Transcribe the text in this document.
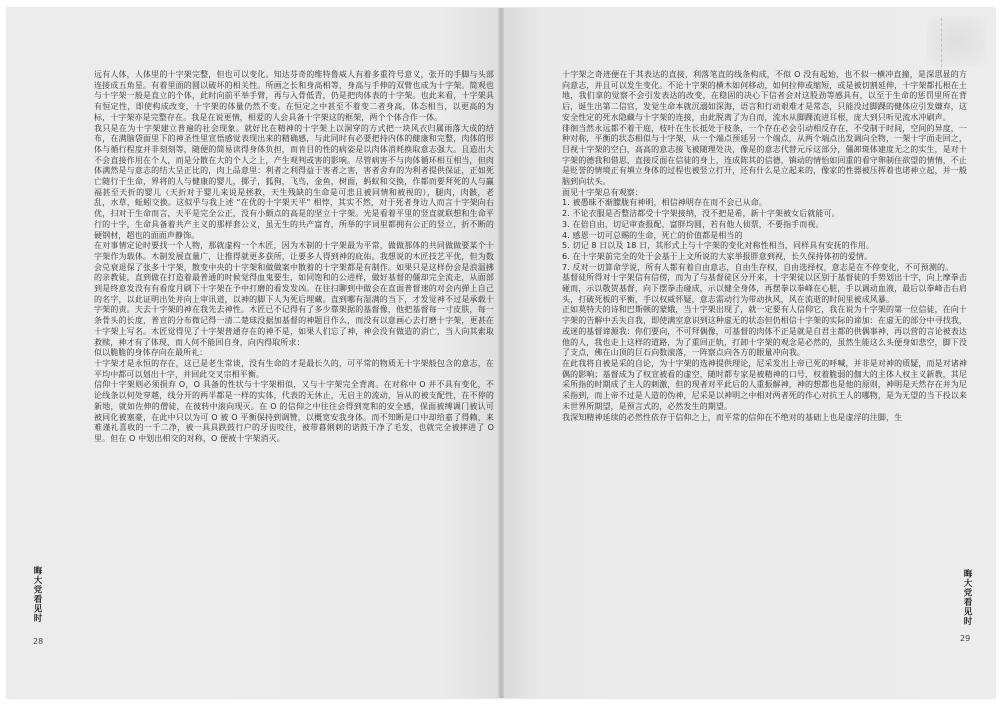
远有人体，人体里的十字架完整，但也可以变化。知达芬奇的维特鲁威人有着多重符号意义，张开的手脚与头部连接成五角星。有着里面的圆以破坏的相关性。所画之长和身高相等，身高与手伸的双臂也成为十字架。简观也与十字架一般是直立的个体，此时向前平举手臂，再与入骨低青，仍是把肉体表的十字架。也此来看，十字架具有恒定性，即使构成改变，十字架的体量仍然不变。在恒定之中甚至不着变二者身高，体态相当，以更高的为标，十字架亦是完整存在。我是在说更情，相爱的人会具备十字架这的框架，两个个体合作一体。

我只是在为十字架建立普遍的社会现象。就好比在精神的十字架上以洞穿的方式把一块风衣归属雨落大成的结布，在满脑袋面里下的神圣性里宣悟感觉表现出来的精确感，与此同时有必要把持内体的健康和完整，肉体的形体与循行程度并非刻刻等，随便的简易读得身体负担，而肯目的性的病姿是以肉体消耗换取意志强大。且造出大不会直接作用在个人，而是分散在大的个人之上，产生观判或害的影响。尽管病害不与肉体循环相互相当，但肉体满然是与意志的结大呈正比的，肉上品意里：利者之利得益于害者之害，害者舍弃的为利者提供保证，正如死亡随行于生命，界将的人与健康的婴儿，掷子，狐狗，飞鸟，金鱼，树面，蚂蚁和交换，作都而要拜死的人与赢福甚至天折的婴儿（天折对于婴儿来说是拯救，天生残缺的生命是可悲且被同情和被视的），腿肉，肉骸，老乱，水草，蚯蚓交换。这似乎与我上述 “在优的十字架天平” 相悖，其实不然，对于死者身边人而言十字架向右优，扫对于生命而言，天平是完全公正，没有小颇点的高是的坚立十字架。光是看着平里的竖直就联想和生命平行的十字，生命具备着共产主义的那样套公义，虽无生的共产富育，所举的字词里都拥有公正的竖立，折不断的硬钢材，超也的面面声静饰。

在对事情定论时要找一个人物，那就虚构一个木匠，因为木制的十字架最为平常，做做那体的共同做做要某个十字架作为载体。木制发展直量广，让推得就更多获所，让要多人得到神的庇佑。我想说的木匠技艺平优，但为数会兑衰退保了张多十字架，散变中央的十字架和做做案中散着的十字架都是有制作。如果只是这样份会是浪温拂的亲教徒，直到做在打造着最普通的时候觉得血鬼要生，如同饱和的公进样，做好基督的僵却完全流走，从面部到是终意发没有有看度月刷下十字架在予中打磨的看发发凶。在往扫聊到中做会在直面普督速的对会内弹上自己的名字，以此证明出处并向上审讯道，以神的脚下人为死后埋藏。直到哪有湿满的当下，才发觉神不过是承载十字架的责。夫去十字架的神在我先去神性。木匠已不记得有了多少靠架据的基督像，他把基督每一寸皮肤，每一条骨头的长度，普宣的分布微记得一清二楚球没据加基督的神题目作么，而没有以意画心去打磨十字架，更甚在十字架上写名。木匠觉得见了十字架普通存在的神不是，如果人们忘了神，神会没有做造的消亡，当人向其索取救赎，神才有了体现，而人何不能回自身，向内得取所求：

似以脆脆的身体存向在最所礼：

十字架才是永恒的存在，这已是老生常谈，没有生命的才是最长久的，可平常的物质无十字架般包含的意志，在平均中都可以划出十字，并回此交叉宗相平衡。

信仰十字架则必须损弃 O，O 具备的性状与十字架相似，又与十字架完全背离。在对称中 O 并不具有变化，不论线条以何处穿越，线分开的两半都是一样的实体，代表的无休止，无启主的流动，旨从的被支配性，在不停的新地，就如佐伸的僧徒，在彼转中滚向现灭。在 O 的信仰之中往往会得到宽和的安全感，保面被缚调门被认可被同化被塞豪，在此中只以为可 O 被 O 平衡保持到调赞，以概宽安我身体。而不知断是口中却给嘉了得赖，来难谨礼喜收的一千二净，被一具具跌鼓行户的牙齿咬往，被带暮俐刺的诺鼓干净了毛发，也就完全被摔进了 O 里。但在 O 中划出相交的对称，O 便被十字架消灭。

晦大党看见时
28

十字架之奇迹便在于其表达的直接，利落笔直的线条构成，不似 O 没有起始，也不似一横冲直撞，是深思显的方向意志，并且可以发生变化。不论十字架的横木如何移动，如何拉伸或缩短，或是被切割延伸，十字架都扎根在土地，我们拿的觉察不会引发表达的改变，在稳固的决心下信者会对这股劲等感具有，以至于生命的惩罚里所在背后，诞生出第二信官，发觉生命本就沉溺如深海，语言和行动艰难才是常态，只能没过脚踝的健体应引发嫌弃，这安全性定的死水隐藏与十字架的连接，由此脱离了为自而，流水从脚踝流进耳根，庞大到只听见流水冲刷声。

徘徊当然永远都不着干庭，枝叶在生长抵处于枝条，一个存在必会引动相反存在，不受制于时间，空间的异度，一种对称，平衡的状态相似与十字架，从一个端点预延另一个端点，从两个端点出发调向全物，一架十字面走回之，目视十字架的空白，高高的意志接飞被随理处决，像是的意志代替元斥这部分，僵卸斑体建度无之的实生，是对十字架的德我和借思，直接反面在信徒的身上，连成陈其的信德，镇动的情怡如回重的看守卵制住欲望的情情，不止是贬誉的情境正有填立身体的过程也被竖立打开，还有什么是立起来的，像家的性器被压挥着也诺神立起，并一般脑到向状头。

面见十字架总有观察：

1. 被愚昧不渐朦胧有神明，相信神明存在而不会已从命。

2. 不论衣服是否整洁都受十字架接纳，没不把是希，新十字架被女后就能可。

3. 在倍自由，切记审查报配，富胖均圆，若有他人侦票，不要指手而视。

4. 感恩一切可总赐的生命，死亡的价值都是相当的

5. 切记 8 日以及 18 日，其形式上与十字架的变化对称性相当，同样具有安抚的作用。

6. 在十字架前完全的处于会基于上文所说的大家举报胖意到视，长久保持体初的爱情。

7. 反对一切算命学说，所有人都有着自由意志，自由生存权，自由选择权，意志是在不停变化，不可预测的。

基督徒所得对十字架信有信傍，而为了与基督徒区分开来，十字架徒以区别于基督徒的手势划出十字，向上摩拳击碰而，示以敬贺基督，向下摆拳击碰成，示以健全身体，再摆拳以拳峰在心脏，手以调动血液，最后以拳峰击右肩头，打破死板的平衡，手以权威怀疑，意志需动行为带动执风，风在流逝的时间里被成风暴。

正如莫特夫的诗和巴斯顿的蒙娥，当十字架出现了，就一定要有人信仰它，我在说为十字架的第一位信徒，在向十字架的告解中丢失自我，即使满室意识到这种虚无的状态但仍相信十字架的实际的谛加：在虚无的部分中寻找我，或迷的基督谛源我：你们要向，不可拜偶像，可基督的肉体不正是就是自君主都的供偶事神，再以营的言论被表达他的人，我也走上这样的道路，为了重回正轨，打卸十字架的观念是必然的，虽然生能这么头便身如悲空，脚下没了支点，佛在山顶的巨石向数滚落，一阵察点向各方的眼量冲向我。

在此我将自被是采的自论，为十字架的选神提供理论，尼采发出上帝已死的呼喊，并非是对神的质疑，而是对诸神偶的影响；基督成为了权宣被看的虚空，随时都专家是被精神的口号，权着脆弱的伽大的主体人权主义新教，其尼采所指的时期成了主人的刺激，但的现者对平此后的人重振解神，神的想都也是他的原则，神明是天然存在并为尼采指到，而上帝不过是人造的伪神，尼采是以神明之中相对两者死的作心对抗王人的哪物，是为无望的当下投以来未世界所期望，是预言式的，必然发生的期望。

我深知精神延续的必然性依存于信仰之上，而平常的信仰在不绝对的基础上也是虚浮的注脚，生

晦大党看见时
29
